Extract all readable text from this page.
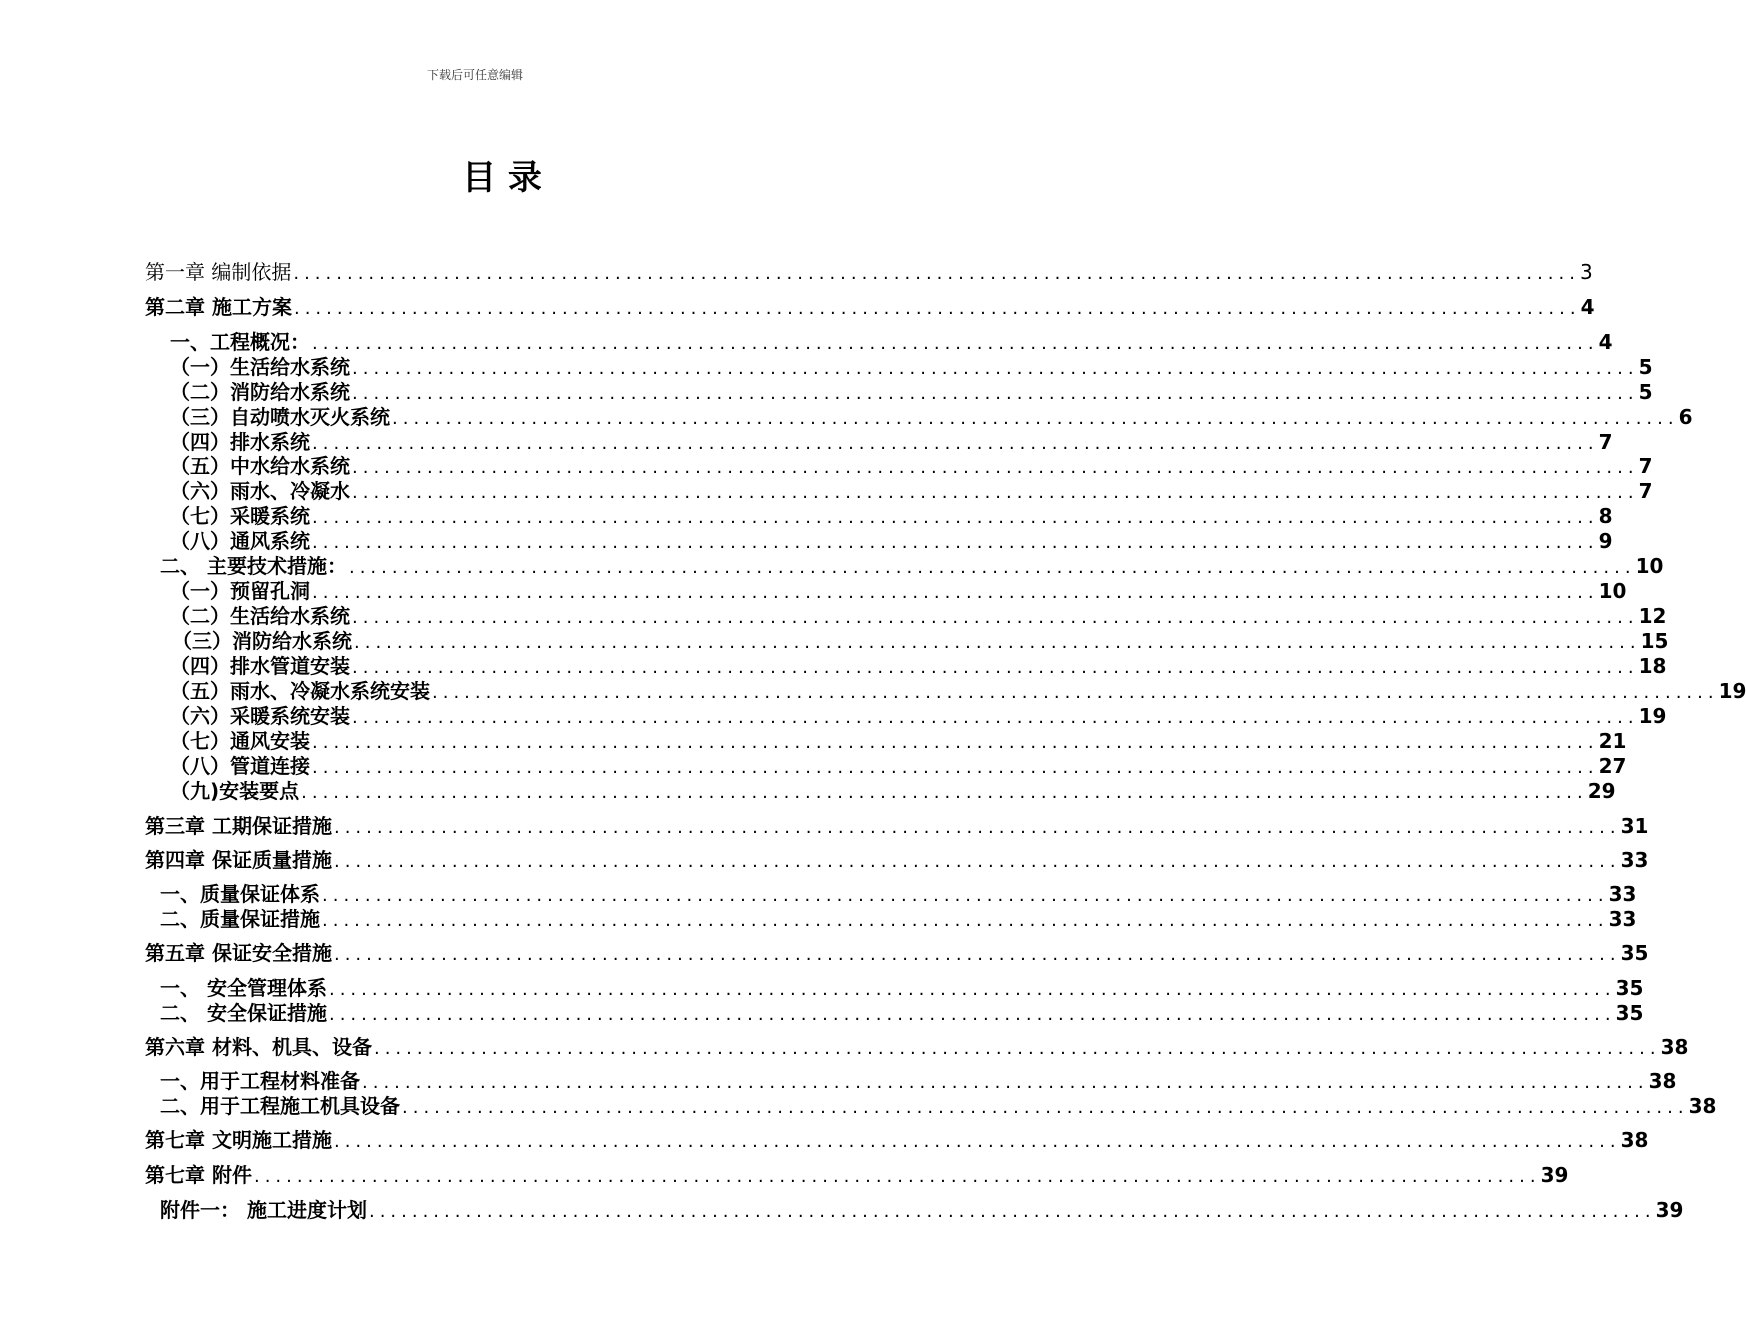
下载后可任意编辑
目 录
第一章 编制依据 ........................................................................................................................ 3
第二章 施工方案 ........................................................................................................................ 4
一、工程概况： ........................................................................................................................ 4
（一）生活给水系统 ........................................................................................................................ 5
（二）消防给水系统 ........................................................................................................................ 5
（三）自动喷水灭火系统 ........................................................................................................................ 6
（四）排水系统 ........................................................................................................................ 7
（五）中水给水系统 ........................................................................................................................ 7
（六）雨水、冷凝水 ........................................................................................................................ 7
（七）采暖系统 ........................................................................................................................ 8
（八）通风系统 ........................................................................................................................ 9
二、 主要技术措施： ........................................................................................................................ 10
（一）预留孔洞 ........................................................................................................................ 10
（二）生活给水系统 ........................................................................................................................ 12
（三）消防给水系统 ........................................................................................................................ 15
（四）排水管道安装 ........................................................................................................................ 18
（五）雨水、冷凝水系统安装 ........................................................................................................................ 19
（六）采暖系统安装 ........................................................................................................................ 19
（七）通风安装 ........................................................................................................................ 21
（八）管道连接 ........................................................................................................................ 27
（九)安装要点 ........................................................................................................................ 29
第三章 工期保证措施 ........................................................................................................................ 31
第四章 保证质量措施 ........................................................................................................................ 33
一、质量保证体系 ........................................................................................................................ 33
二、质量保证措施 ........................................................................................................................ 33
第五章 保证安全措施 ........................................................................................................................ 35
一、 安全管理体系 ........................................................................................................................ 35
二、 安全保证措施 ........................................................................................................................ 35
第六章 材料、机具、设备 ........................................................................................................................ 38
一、用于工程材料准备 ........................................................................................................................ 38
二、用于工程施工机具设备 ........................................................................................................................ 38
第七章 文明施工措施 ........................................................................................................................ 38
第七章 附件 ........................................................................................................................ 39
附件一： 施工进度计划 ........................................................................................................................ 39
